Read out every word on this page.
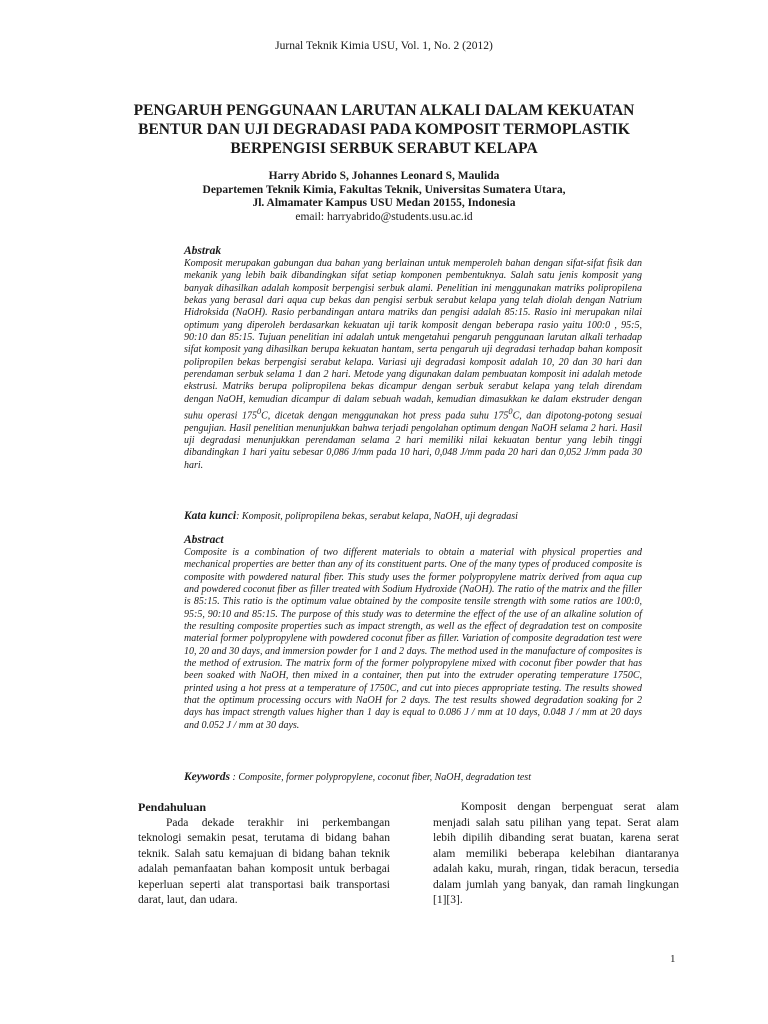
Jurnal Teknik Kimia USU, Vol. 1, No. 2 (2012)
PENGARUH PENGGUNAAN LARUTAN ALKALI DALAM KEKUATAN
BENTUR DAN UJI DEGRADASI PADA KOMPOSIT TERMOPLASTIK
BERPENGISI SERBUK SERABUT KELAPA
Harry Abrido S, Johannes Leonard S, Maulida
Departemen Teknik Kimia, Fakultas Teknik, Universitas Sumatera Utara,
Jl. Almamater Kampus USU Medan 20155, Indonesia
email: harryabrido@students.usu.ac.id
Abstrak

Komposit merupakan gabungan dua bahan yang berlainan untuk memperoleh bahan dengan sifat-sifat fisik dan mekanik yang lebih baik dibandingkan sifat setiap komponen pembentuknya. Salah satu jenis komposit yang banyak dihasilkan adalah komposit berpengisi serbuk alami. Penelitian ini menggunakan matriks polipropilena bekas yang berasal dari aqua cup bekas dan pengisi serbuk serabut kelapa yang telah diolah dengan Natrium Hidroksida (NaOH). Rasio perbandingan antara matriks dan pengisi adalah 85:15. Rasio ini merupakan nilai optimum yang diperoleh berdasarkan kekuatan uji tarik komposit dengan beberapa rasio yaitu 100:0 , 95:5, 90:10 dan 85:15. Tujuan penelitian ini adalah untuk mengetahui pengaruh penggunaan larutan alkali terhadap sifat komposit yang dihasilkan berupa kekuatan hantam, serta pengaruh uji degradasi terhadap bahan komposit polipropilen bekas berpengisi serabut kelapa. Variasi uji degradasi komposit adalah 10, 20 dan 30 hari dan perendaman serbuk selama 1 dan 2 hari. Metode yang digunakan dalam pembuatan komposit ini adalah metode ekstrusi. Matriks berupa polipropilena bekas dicampur dengan serbuk serabut kelapa yang telah direndam dengan NaOH, kemudian dicampur di dalam sebuah wadah, kemudian dimasukkan ke dalam ekstruder dengan suhu operasi $175^0C$, dicetak dengan menggunakan hot press pada suhu $175^0C$, dan dipotong-potong sesuai pengujian. Hasil penelitian menunjukkan bahwa terjadi pengolahan optimum dengan NaOH selama 2 hari. Hasil uji degradasi menunjukkan perendaman selama 2 hari memiliki nilai kekuatan bentur yang lebih tinggi dibandingkan 1 hari yaitu sebesar 0,086 J/mm pada 10 hari, 0,048 J/mm pada 20 hari dan 0,052 J/mm pada 30 hari.

Kata kunci: Komposit, polipropilena bekas, serabut kelapa, NaOH, uji degradasi
Abstract

Composite is a combination of two different materials to obtain a material with physical properties and mechanical properties are better than any of its constituent parts. One of the many types of produced composite is composite with powdered natural fiber. This study uses the former polypropylene matrix derived from aqua cup and powdered coconut fiber as filler treated with Sodium Hydroxide (NaOH). The ratio of the matrix and the filler is 85:15. This ratio is the optimum value obtained by the composite tensile strength with some ratios are 100:0, 95:5, 90:10 and 85:15. The purpose of this study was to determine the effect of the use of an alkaline solution of the resulting composite properties such as impact strength, as well as the effect of degradation test on composite material former polypropylene with powdered coconut fiber as filler. Variation of composite degradation test were 10, 20 and 30 days, and immersion powder for 1 and 2 days. The method used in the manufacture of composites is the method of extrusion. The matrix form of the former polypropylene mixed with coconut fiber powder that has been soaked with NaOH, then mixed in a container, then put into the extruder operating temperature 1750C, printed using a hot press at a temperature of 1750C, and cut into pieces appropriate testing. The results showed that the optimum processing occurs with NaOH for 2 days. The test results showed degradation soaking for 2 days has impact strength values higher than 1 day is equal to 0.086 J / mm at 10 days, 0.048 J / mm at 20 days and 0.052 J / mm at 30 days.

Keywords : Composite, former polypropylene, coconut fiber, NaOH, degradation test
Pendahuluan

Pada dekade terakhir ini perkembangan teknologi semakin pesat, terutama di bidang bahan teknik. Salah satu kemajuan di bidang bahan teknik adalah pemanfaatan bahan komposit untuk berbagai keperluan seperti alat transportasi baik transportasi darat, laut, dan udara.

Komposit dengan berpenguat serat alam menjadi salah satu pilihan yang tepat. Serat alam lebih dipilih dibanding serat buatan, karena serat alam memiliki beberapa kelebihan diantaranya adalah kaku, murah, ringan, tidak beracun, tersedia dalam jumlah yang banyak, dan ramah lingkungan [1][3].

1
